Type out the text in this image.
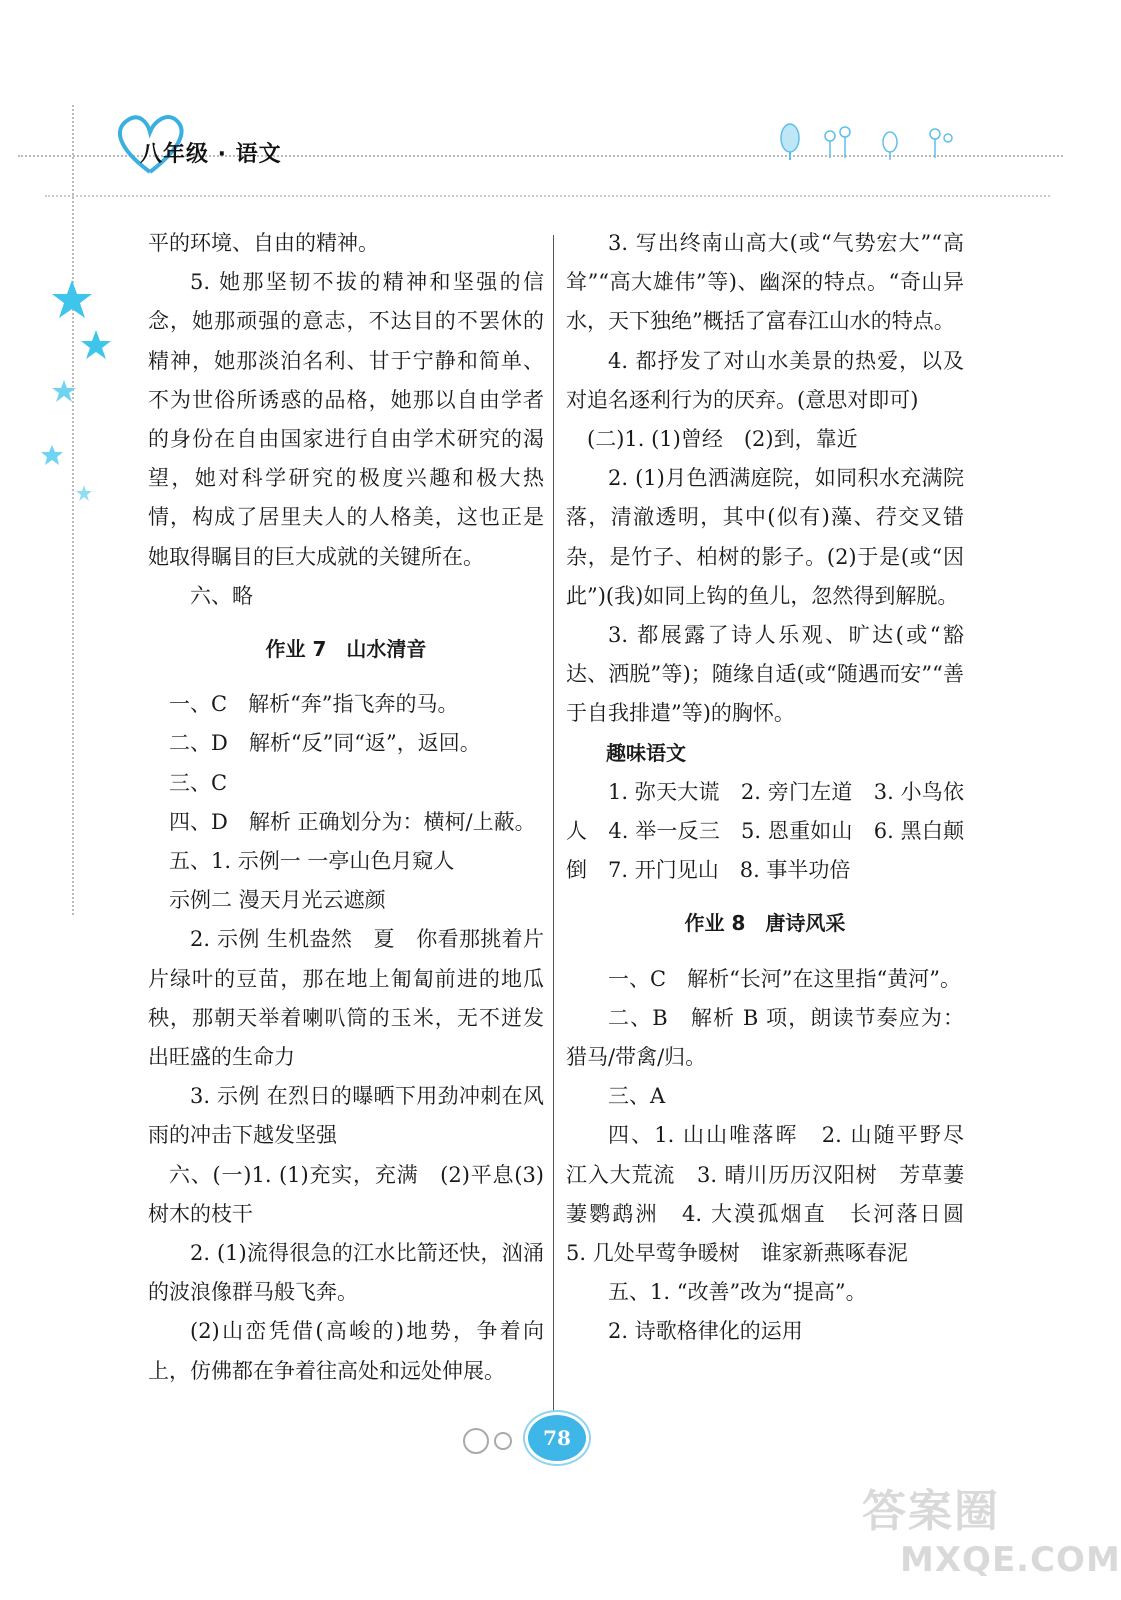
八年级 · 语文

平的环境、自由的精神。

5. 她那坚韧不拔的精神和坚强的信念，她那顽强的意志，不达目的不罢休的精神，她那淡泊名利、甘于宁静和简单、不为世俗所诱惑的品格，她那以自由学者的身份在自由国家进行自由学术研究的渴望，她对科学研究的极度兴趣和极大热情，构成了居里夫人的人格美，这也正是她取得瞩目的巨大成就的关键所在。

六、略

作业 7　山水清音

一、C　解析“奔”指飞奔的马。

二、D　解析“反”同“返”，返回。

三、C

四、D　解析 正确划分为：横柯/上蔽。

五、1. 示例一 一亭山色月窥人

示例二 漫天月光云遮颜

2. 示例 生机盎然　夏　你看那挑着片片绿叶的豆苗，那在地上匍匐前进的地瓜秧，那朝天举着喇叭筒的玉米，无不迸发出旺盛的生命力

3. 示例 在烈日的曝晒下用劲冲刺在风雨的冲击下越发坚强

六、(一)1. (1)充实，充满　(2)平息(3)树木的枝干

2. (1)流得很急的江水比箭还快，汹涌的波浪像群马般飞奔。

(2)山峦凭借(高峻的)地势，争着向上，仿佛都在争着往高处和远处伸展。

3. 写出终南山高大(或“气势宏大”“高耸”“高大雄伟”等)、幽深的特点。“奇山异水，天下独绝”概括了富春江山水的特点。

4. 都抒发了对山水美景的热爱，以及对追名逐利行为的厌弃。(意思对即可)

(二)1. (1)曾经　(2)到，靠近

2. (1)月色洒满庭院，如同积水充满院落，清澈透明，其中(似有)藻、荇交叉错杂，是竹子、柏树的影子。(2)于是(或“因此”)(我)如同上钩的鱼儿，忽然得到解脱。

3. 都展露了诗人乐观、旷达(或“豁达、洒脱”等)；随缘自适(或“随遇而安”“善于自我排遣”等)的胸怀。

趣味语文

1. 弥天大谎　2. 旁门左道　3. 小鸟依人　4. 举一反三　5. 恩重如山　6. 黑白颠倒　7. 开门见山　8. 事半功倍

作业 8　唐诗风采

一、C　解析“长河”在这里指“黄河”。

二、B　解析 B 项，朗读节奏应为：猎马/带禽/归。

三、A

四、1. 山山唯落晖　2. 山随平野尽　江入大荒流　3. 晴川历历汉阳树　芳草萋萋鹦鹉洲　4. 大漠孤烟直　长河落日圆　5. 几处早莺争暖树　谁家新燕啄春泥

五、1. “改善”改为“提高”。

2. 诗歌格律化的运用

78
答案圈
MXQE.COM
